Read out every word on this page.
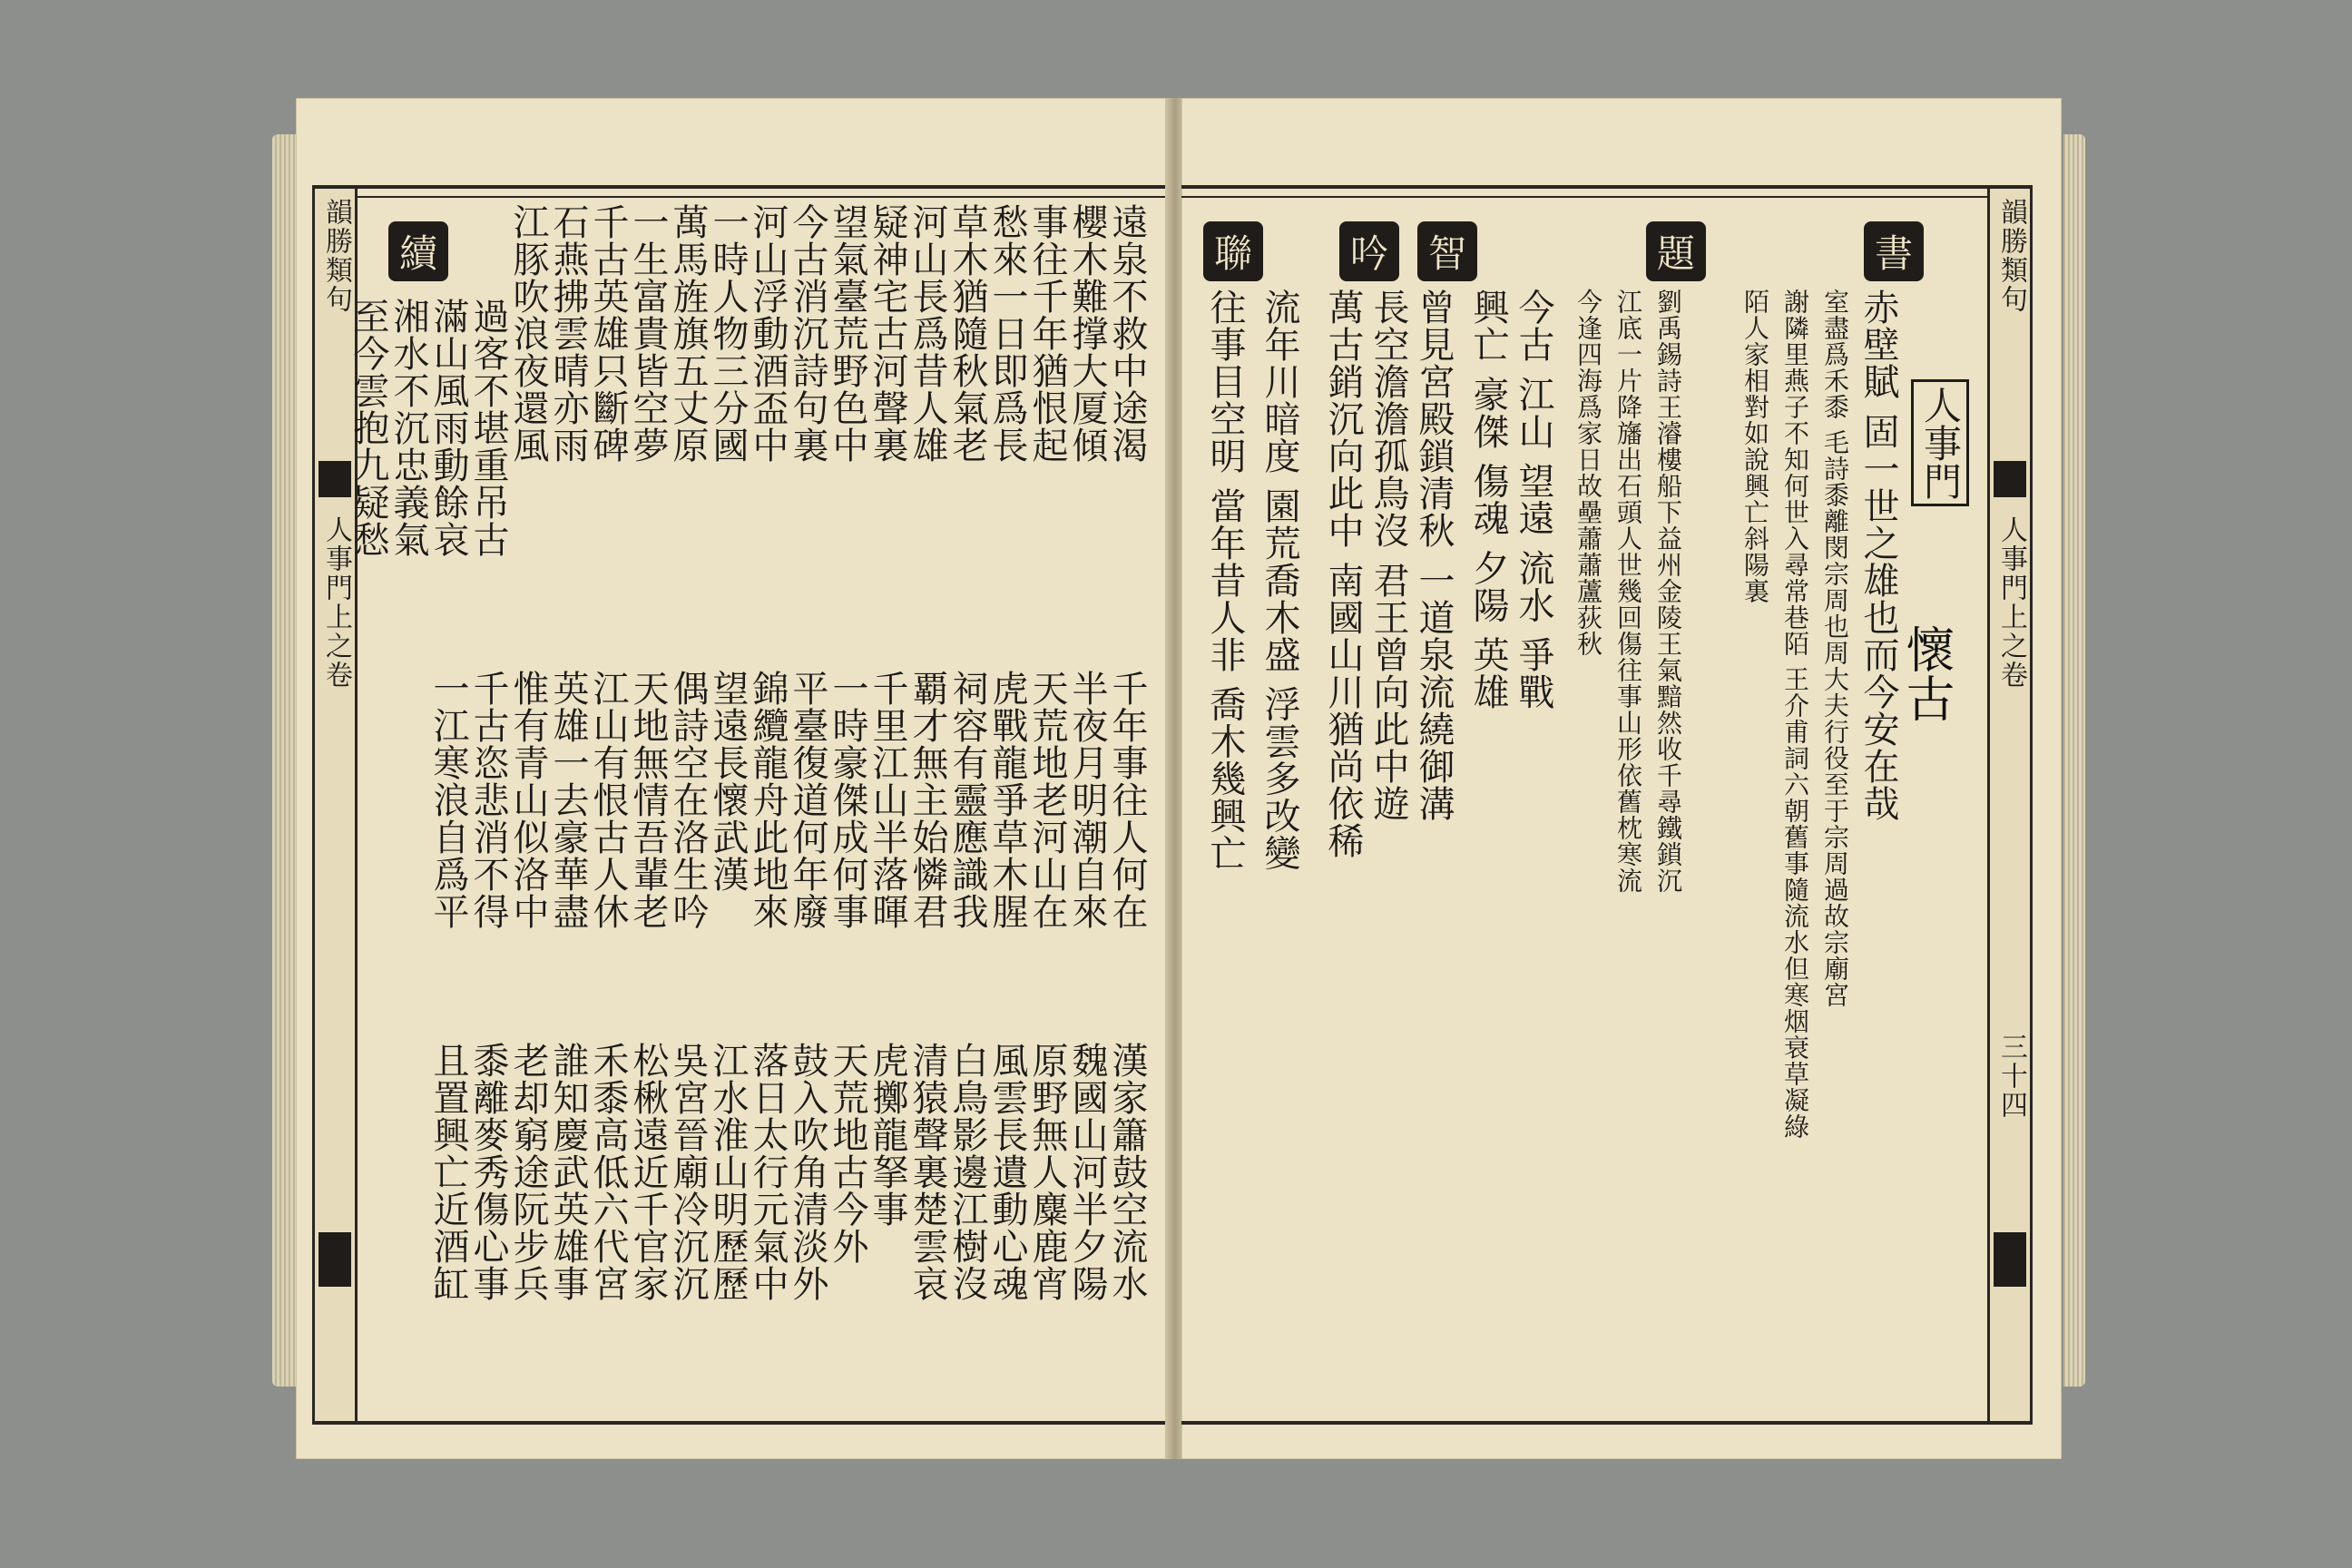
韻勝類句
人事門上之卷
續	遠泉不救中途渴
櫻木難撑大厦傾
事往千年猶恨起
愁來一日即爲長
草木猶隨秋氣老
河山長爲昔人雄
疑神宅古河聲裏
望氣臺荒野色中
今古消沉詩句裏
河山浮動酒盃中
一時人物三分國
萬馬旌旗五丈原
一生富貴皆空夢
千古英雄只斷碑
石燕拂雲晴亦雨
江豚吹浪夜還風
過客不堪重吊古
滿山風雨動餘哀
湘水不沉忠義氣
至今雲抱九疑愁
千年事往人何在
半夜月明潮自來
天荒地老河山在
虎戰龍爭草木腥
祠容有靈應識我
覇才無主始憐君
千里江山半落暉
一時豪傑成何事
平臺復道何年廢
錦纜龍舟此地來
望遠長懷武漢
偶詩空在洛生吟
天地無情吾輩老
江山有恨古人休
英雄一去豪華盡
惟有青山似洛中
千古恣悲消不得
一江寒浪自爲平
漢家簫鼓空流水
魏國山河半夕陽
原野無人麋鹿宵
風雲長遺動心魂
白鳥影邊江樹沒
清猿聲裏楚雲哀
虎擲龍拏事
天荒地古今外
鼓入吹角清淡外
落日太行元氣中
江水淮山明歷歷
吳宮晉廟冷沉沉
松楸遠近千官家
禾黍高低六代宮
誰知慶武英雄事
老却窮途阮步兵
黍離麥秀傷心事
且置興亡近酒缸
韻勝類句
人事門上之卷
三十四
人事門
懷古
書
題
智
吟
聯
赤壁賦 固一世之雄也而今安在哉
室盡爲禾黍 毛詩黍離閔宗周也周大夫行役至于宗周過故宗廟宮
謝隣里燕子不知何世入尋常巷陌 王介甫詞六朝舊事隨流水但寒烟衰草凝綠
陌人家相對如說興亡斜陽裏
劉禹錫詩王濬樓船下益州金陵王氣黯然收千尋鐵鎖沉
江底一片降旛出石頭人世幾回傷往事山形依舊枕寒流
今逢四海爲家日故壘蕭蕭蘆荻秋
今古 江山 望遠 流水 爭戰
興亡 豪傑 傷魂 夕陽 英雄
曾見宮殿鎖清秋 一道泉流繞御溝
長空澹澹孤鳥沒 君王曾向此中遊
萬古銷沉向此中 南國山川猶尚依稀
流年川暗度 園荒喬木盛 浮雲多改變
往事目空明 當年昔人非 喬木幾興亡
